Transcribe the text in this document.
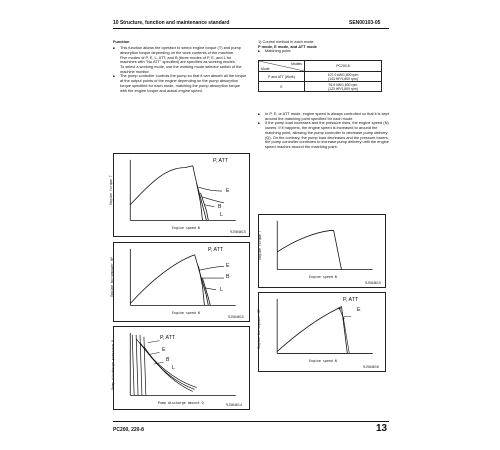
10 Structure, function and maintenance standard	SEN00103-05
Function
■ This function allows the operator to select engine torque (T) and pump absorption torque depending on the work contents of the machine.
Five modes of P, E, L, ATT, and B (three modes of P, E, and L for machines with "No ATT" specified) are specified as working modes.
To select a working mode, use the working mode selector switch of the machine monitor.
■ The pump controller controls the pump so that it can absorb all the torque at the output points of the engine depending on the pump absorption torque specified for each mode, matching the pump absorption torque with the engine torque and actual engine speed.
1) Control method in each mode
P mode, E mode, and ATT mode
■ Matching point:
Models
Mode	PC200-8
P and ATT (Work)	107.0 kW/1,800 rpm
{143 HP/1,800 rpm}

E	91.9 kW/1,800 rpm
{123 HP/1,800 rpm}
■ In P, E, or ATT mode, engine speed is always controlled so that it is kept around the matching point specified for each mode.
■ If the pump load increases and the pressure rises, the engine speed (N) lowers. If it happens, the engine speed is increased to around the matching point, allowing the pump controller to decrease pump delivery (Q). On the contrary, the pump load decreases and the pressure lowers, the pump controller continues to increase pump delivery until the engine speed reaches around the matching point.
P, ATT
E
B
L
Engine torque T
Engine speed N
9J504615
P, ATT
E
B
L
Engine horsepower HP
Engine speed N
9J504615
P, ATT
E
B
L
Pump discharge pressure P
Pump discharge amount Q	9J504614
Engine torque T
Engine speed N
9J504615
P, ATT
E
Engine horsepower HP
Engine speed N
9J504616
PC200, 220-8	13
